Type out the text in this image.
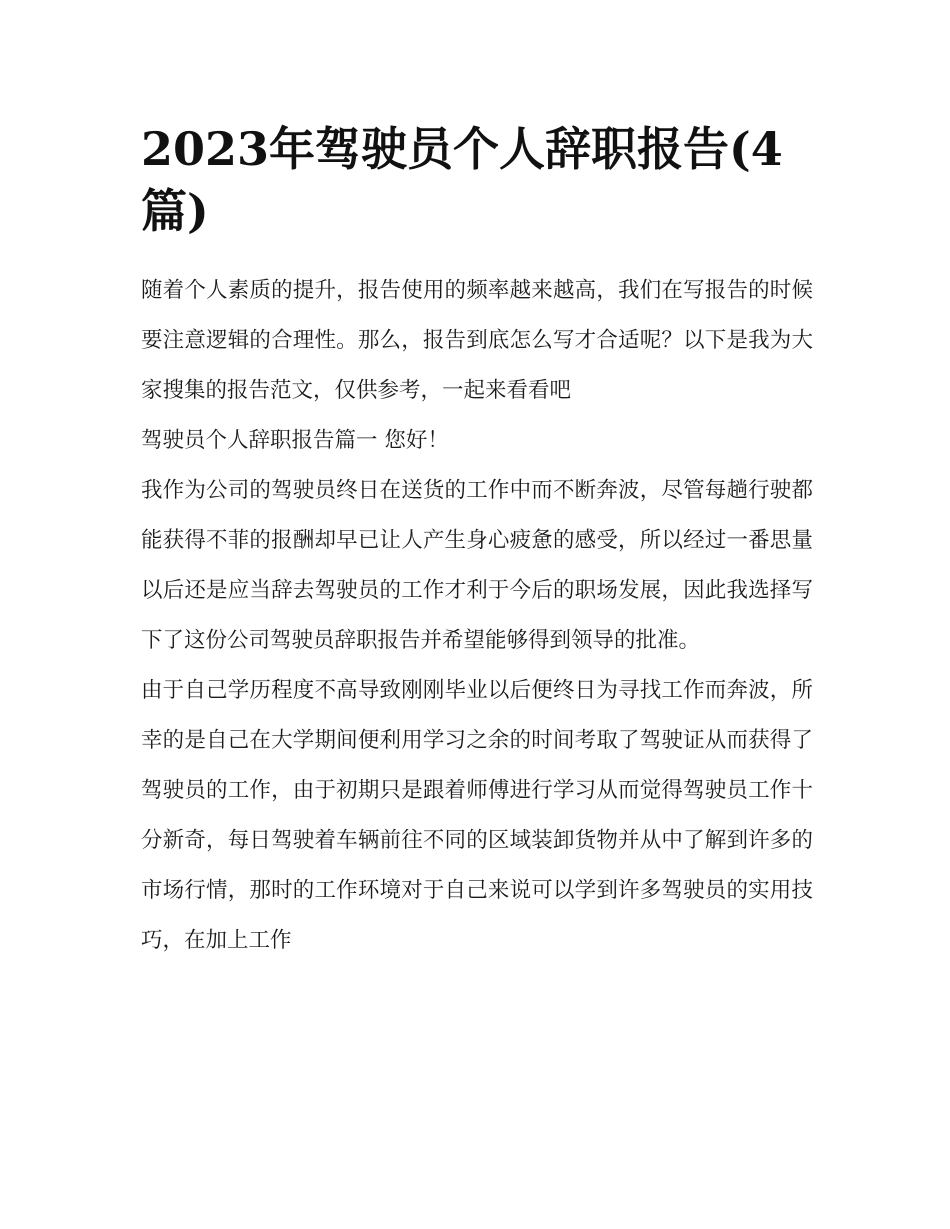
2023年驾驶员个人辞职报告(4篇)

随着个人素质的提升，报告使用的频率越来越高，我们在写报告的时候要注意逻辑的合理性。那么，报告到底怎么写才合适呢？以下是我为大家搜集的报告范文，仅供参考，一起来看看吧

驾驶员个人辞职报告篇一 您好！

我作为公司的驾驶员终日在送货的工作中而不断奔波，尽管每趟行驶都能获得不菲的报酬却早已让人产生身心疲惫的感受，所以经过一番思量以后还是应当辞去驾驶员的工作才利于今后的职场发展，因此我选择写下了这份公司驾驶员辞职报告并希望能够得到领导的批准。

由于自己学历程度不高导致刚刚毕业以后便终日为寻找工作而奔波，所幸的是自己在大学期间便利用学习之余的时间考取了驾驶证从而获得了驾驶员的工作，由于初期只是跟着师傅进行学习从而觉得驾驶员工作十分新奇，每日驾驶着车辆前往不同的区域装卸货物并从中了解到许多的市场行情，那时的工作环境对于自己来说可以学到许多驾驶员的实用技巧，在加上工作
